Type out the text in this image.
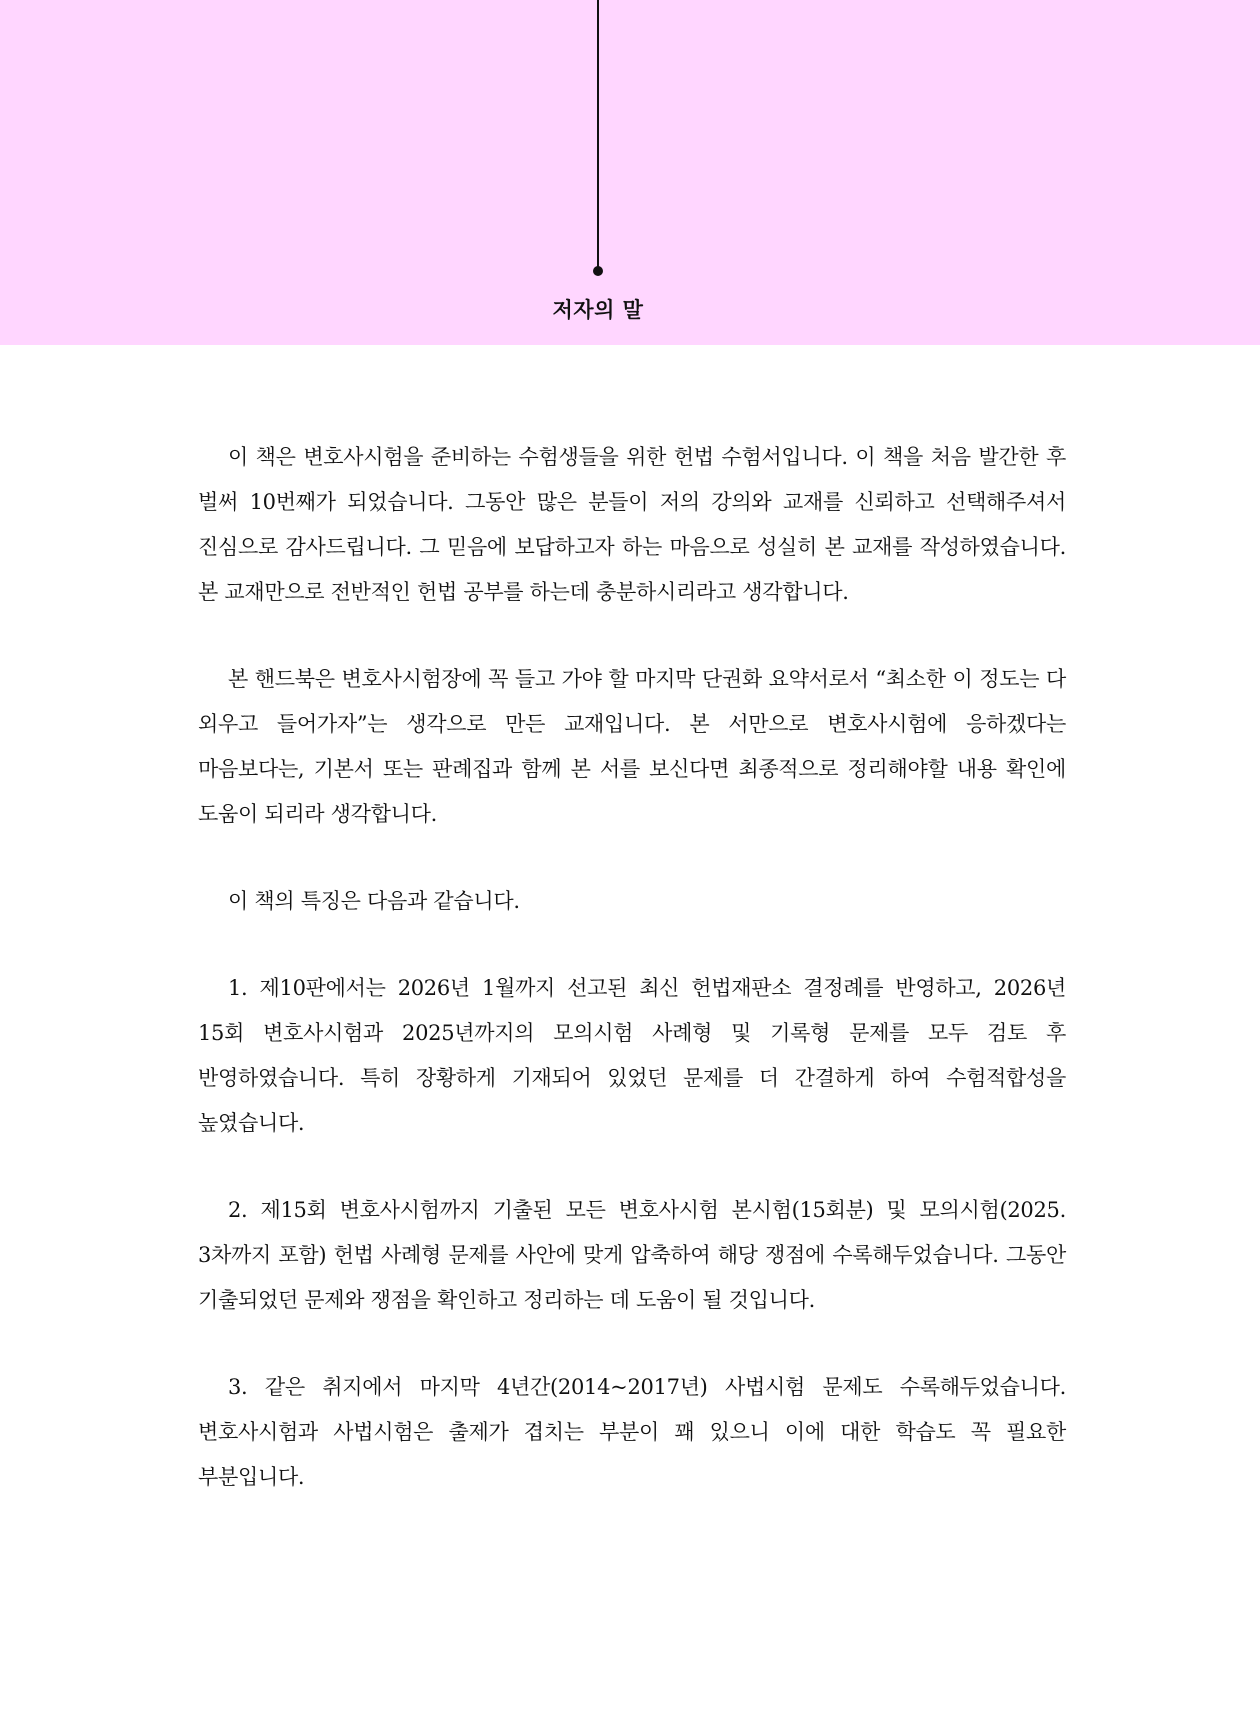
저자의 말

이 책은 변호사시험을 준비하는 수험생들을 위한 헌법 수험서입니다. 이 책을 처음 발간한 후 벌써 10번째가 되었습니다. 그동안 많은 분들이 저의 강의와 교재를 신뢰하고 선택해주셔서 진심으로 감사드립니다. 그 믿음에 보답하고자 하는 마음으로 성실히 본 교재를 작성하였습니다. 본 교재만으로 전반적인 헌법 공부를 하는데 충분하시리라고 생각합니다.

본 핸드북은 변호사시험장에 꼭 들고 가야 할 마지막 단권화 요약서로서 “최소한 이 정도는 다 외우고 들어가자”는 생각으로 만든 교재입니다. 본 서만으로 변호사시험에 응하겠다는 마음보다는, 기본서 또는 판례집과 함께 본 서를 보신다면 최종적으로 정리해야할 내용 확인에 도움이 되리라 생각합니다.

이 책의 특징은 다음과 같습니다.

1. 제10판에서는 2026년 1월까지 선고된 최신 헌법재판소 결정례를 반영하고, 2026년 15회 변호사시험과 2025년까지의 모의시험 사례형 및 기록형 문제를 모두 검토 후 반영하였습니다. 특히 장황하게 기재되어 있었던 문제를 더 간결하게 하여 수험적합성을 높였습니다.

2. 제15회 변호사시험까지 기출된 모든 변호사시험 본시험(15회분) 및 모의시험(2025. 3차까지 포함) 헌법 사례형 문제를 사안에 맞게 압축하여 해당 쟁점에 수록해두었습니다. 그동안 기출되었던 문제와 쟁점을 확인하고 정리하는 데 도움이 될 것입니다.

3. 같은 취지에서 마지막 4년간(2014~2017년) 사법시험 문제도 수록해두었습니다. 변호사시험과 사법시험은 출제가 겹치는 부분이 꽤 있으니 이에 대한 학습도 꼭 필요한 부분입니다.
